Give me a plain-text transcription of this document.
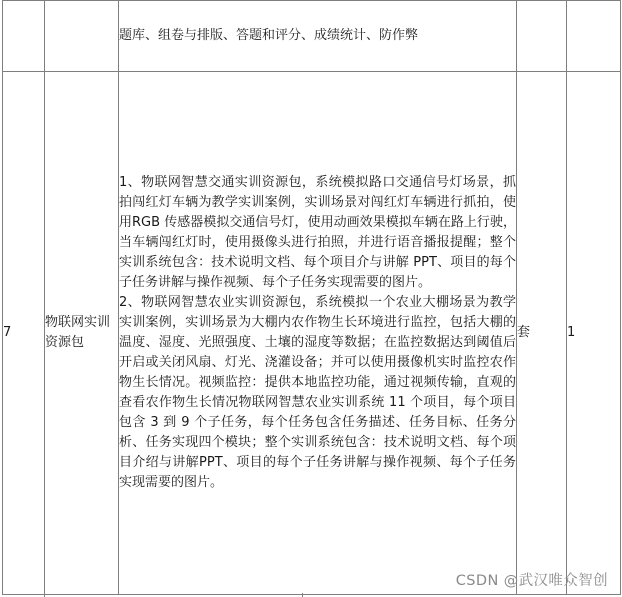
		题库、组卷与排版、答题和评分、成绩统计、防作弊		
7	物联网实训资源包	1、物联网智慧交通实训资源包，系统模拟路口交通信号灯场景，抓拍闯红灯车辆为教学实训案例，实训场景对闯红灯车辆进行抓拍，使用RGB 传感器模拟交通信号灯，使用动画效果模拟车辆在路上行驶，当车辆闯红灯时，使用摄像头进行拍照，并进行语音播报提醒；整个实训系统包含：技术说明文档、每个项目介与讲解 PPT、项目的每个子任务讲解与操作视频、每个子任务实现需要的图片。

2、物联网智慧农业实训资源包，系统模拟一个农业大棚场景为教学实训案例，实训场景为大棚内农作物生长环境进行监控，包括大棚的温度、湿度、光照强度、土壤的湿度等数据；在监控数据达到阈值后开启或关闭风扇、灯光、浇灌设备；并可以使用摄像机实时监控农作物生长情况。视频监控：提供本地监控功能，通过视频传输，直观的查看农作物生长情况物联网智慧农业实训系统 11 个项目，每个项目包含 3 到 9 个子任务，每个任务包含任务描述、任务目标、任务分析、任务实现四个模块；整个实训系统包含：技术说明文档、每个项目介绍与讲解PPT、项目的每个子任务讲解与操作视频、每个子任务实现需要的图片。	套	1
CSDN @武汉唯众智创
